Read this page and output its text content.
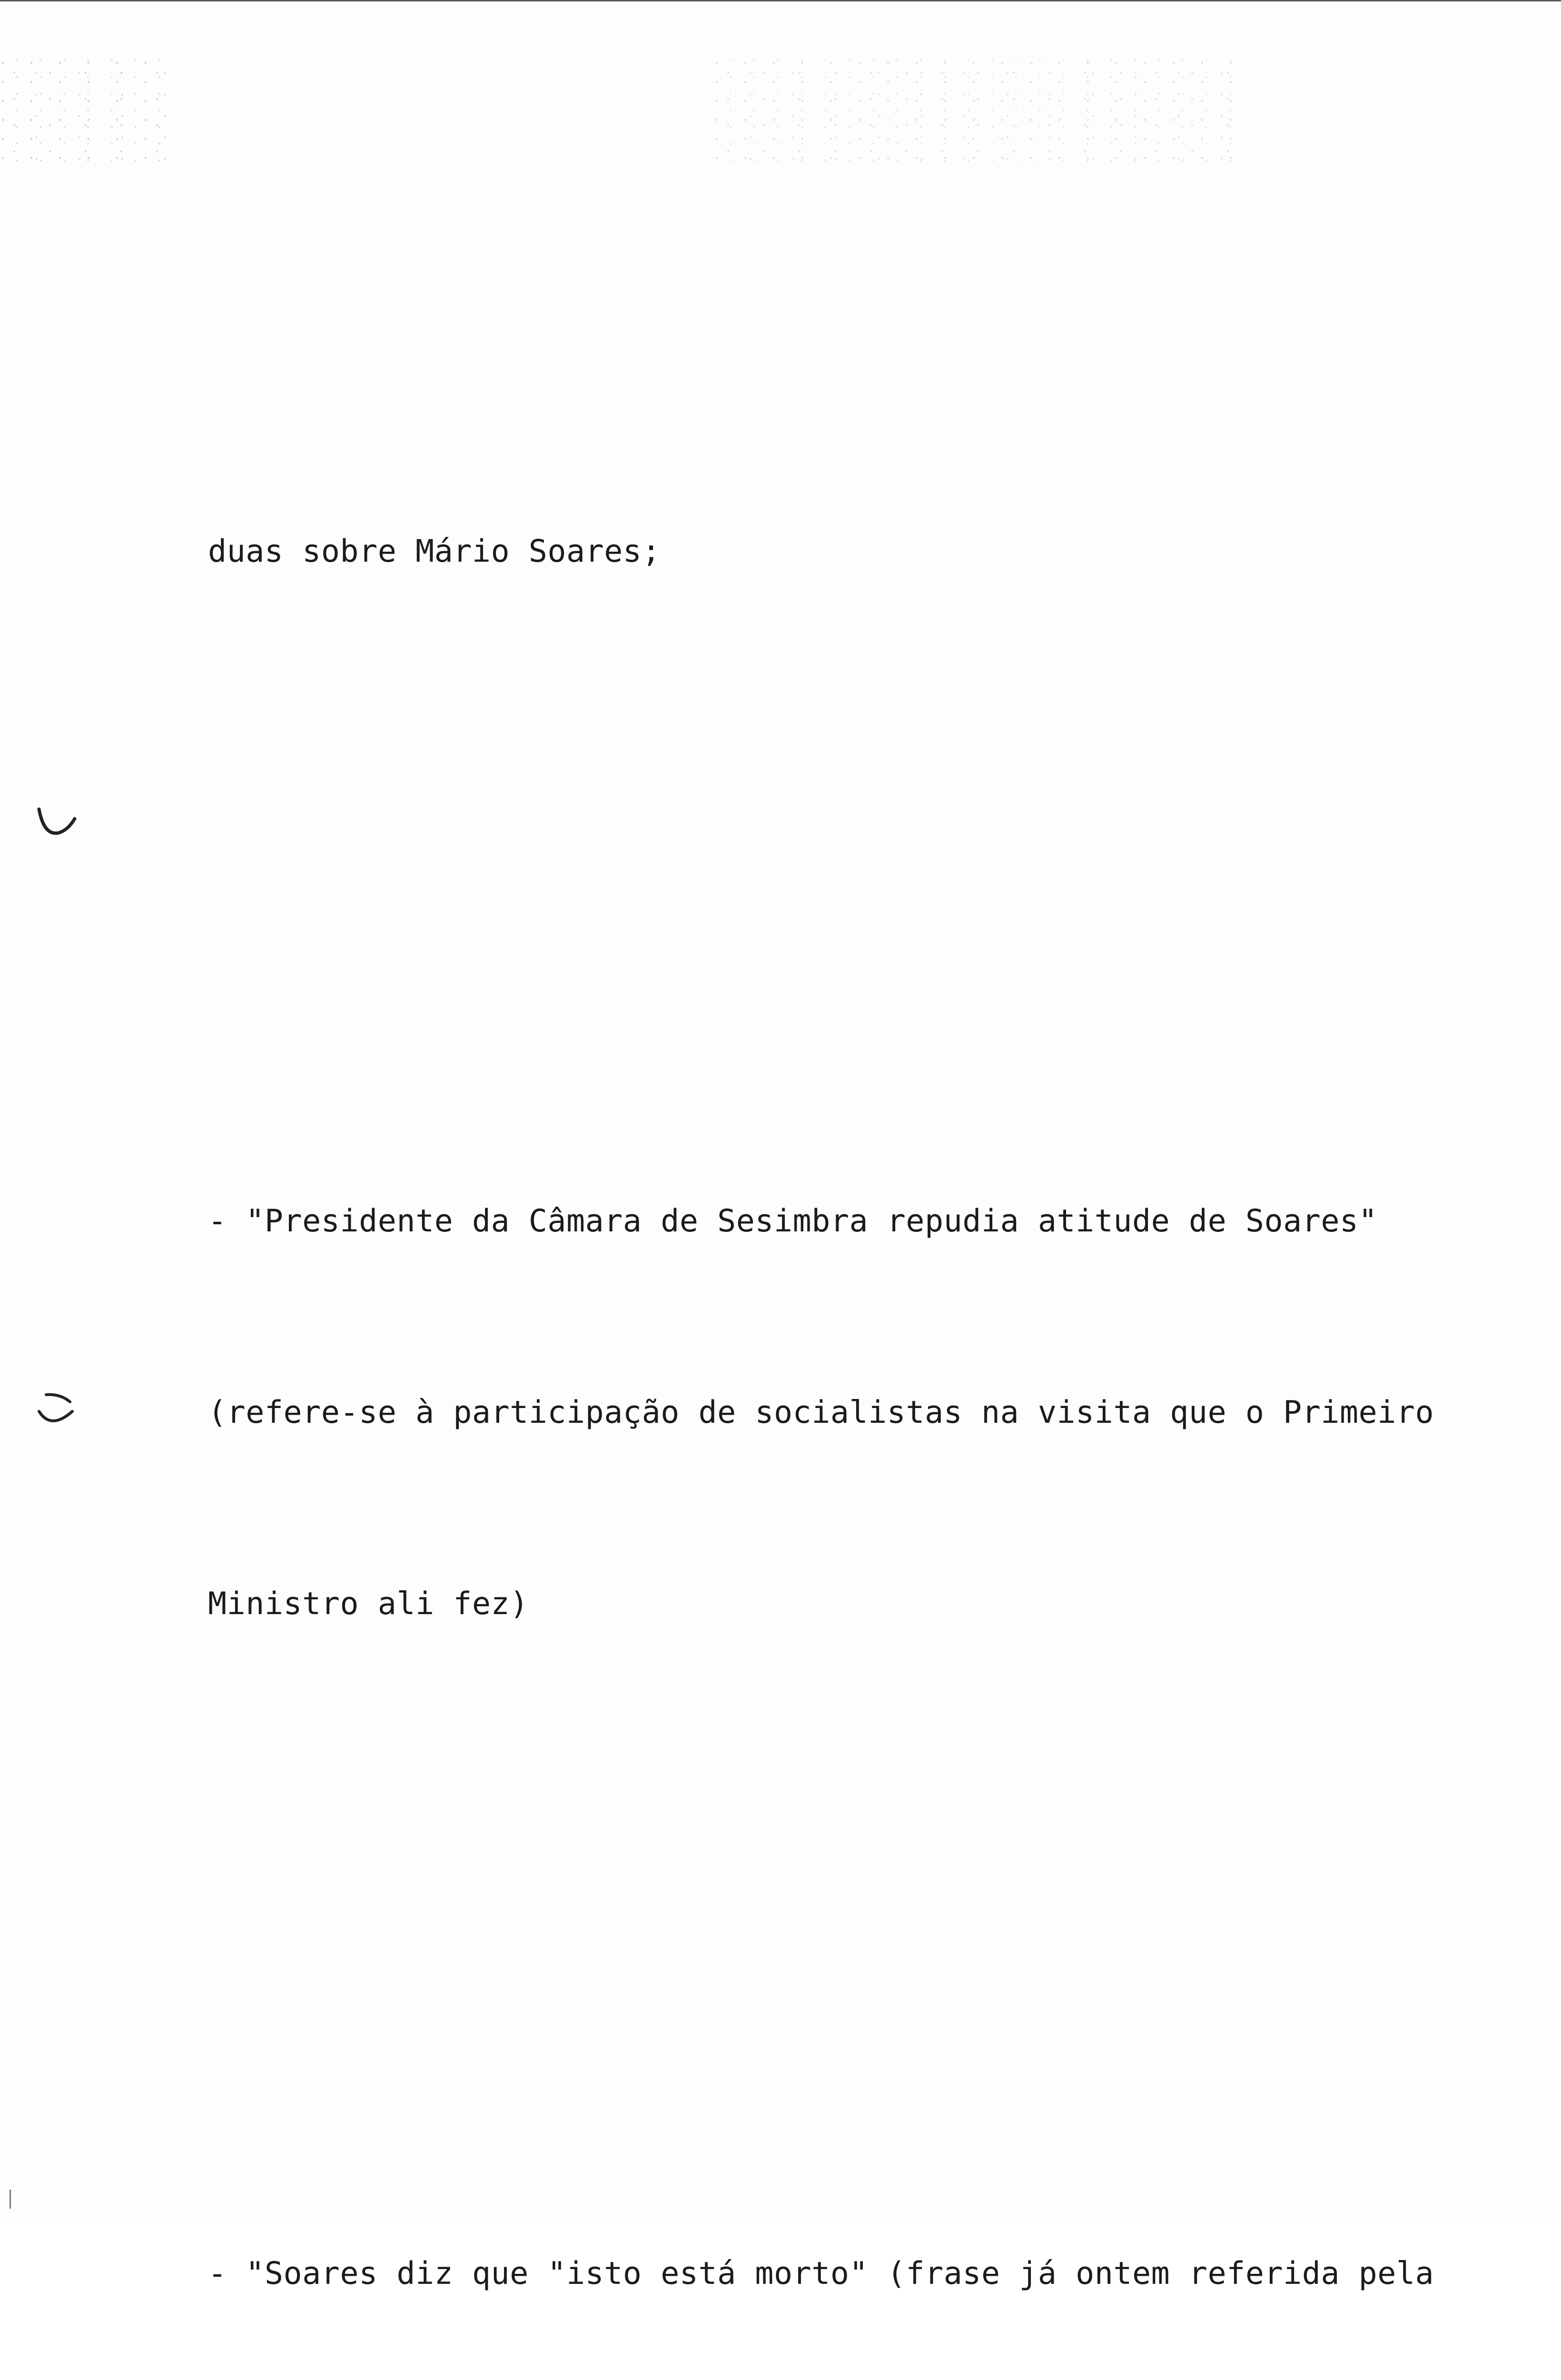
duas sobre Mário Soares;

- "Presidente da Câmara de Sesimbra repudia atitude de Soares"

(refere-se à participação de socialistas na visita que o Primeiro

Ministro ali fez)

- "Soares diz que "isto está morto" (frase já ontem referida pela
